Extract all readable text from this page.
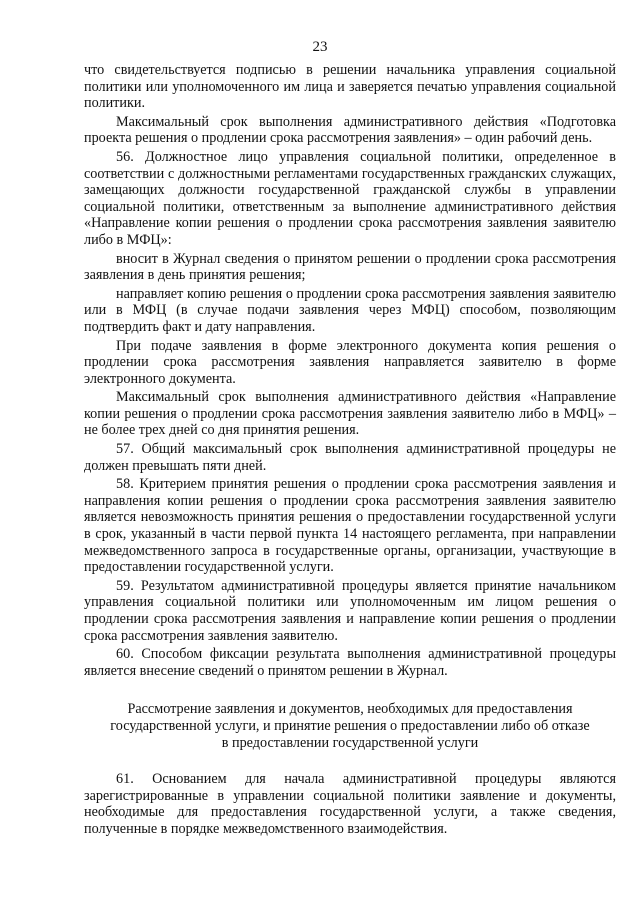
23

что свидетельствуется подписью в решении начальника управления социальной политики или уполномоченного им лица и заверяется печатью управления социальной политики.

Максимальный срок выполнения административного действия «Подготовка проекта решения о продлении срока рассмотрения заявления» – один рабочий день.

56. Должностное лицо управления социальной политики, определенное в соответствии с должностными регламентами государственных гражданских служащих, замещающих должности государственной гражданской службы в управлении социальной политики, ответственным за выполнение административного действия «Направление копии решения о продлении срока рассмотрения заявления заявителю либо в МФЦ»:

вносит в Журнал сведения о принятом решении о продлении срока рассмотрения заявления в день принятия решения;

направляет копию решения о продлении срока рассмотрения заявления заявителю или в МФЦ (в случае подачи заявления через МФЦ) способом, позволяющим подтвердить факт и дату направления.

При подаче заявления в форме электронного документа копия решения о продлении срока рассмотрения заявления направляется заявителю в форме электронного документа.

Максимальный срок выполнения административного действия «Направление копии решения о продлении срока рассмотрения заявления заявителю либо в МФЦ» – не более трех дней со дня принятия решения.

57. Общий максимальный срок выполнения административной процедуры не должен превышать пяти дней.

58. Критерием принятия решения о продлении срока рассмотрения заявления и направления копии решения о продлении срока рассмотрения заявления заявителю является невозможность принятия решения о предоставлении государственной услуги в срок, указанный в части первой пункта 14 настоящего регламента, при направлении межведомственного запроса в государственные органы, организации, участвующие в предоставлении государственной услуги.

59. Результатом административной процедуры является принятие начальником управления социальной политики или уполномоченным им лицом решения о продлении срока рассмотрения заявления и направление копии решения о продлении срока рассмотрения заявления заявителю.

60. Способом фиксации результата выполнения административной процедуры является внесение сведений о принятом решении в Журнал.

Рассмотрение заявления и документов, необходимых для предоставления
государственной услуги, и принятие решения о предоставлении либо об отказе
в предоставлении государственной услуги

61. Основанием для начала административной процедуры являются зарегистрированные в управлении социальной политики заявление и документы, необходимые для предоставления государственной услуги, а также сведения, полученные в порядке межведомственного взаимодействия.
